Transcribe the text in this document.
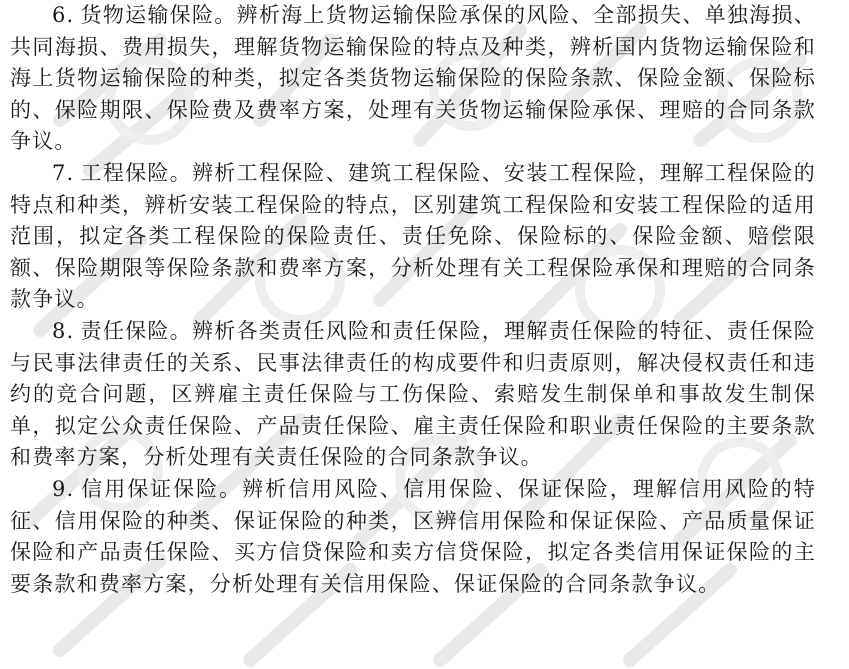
6. 货物运输保险。辨析海上货物运输保险承保的风险、全部损失、单独海损、共同海损、费用损失，理解货物运输保险的特点及种类，辨析国内货物运输保险和海上货物运输保险的种类，拟定各类货物运输保险的保险条款、保险金额、保险标的、保险期限、保险费及费率方案，处理有关货物运输保险承保、理赔的合同条款争议。

7. 工程保险。辨析工程保险、建筑工程保险、安装工程保险，理解工程保险的特点和种类，辨析安装工程保险的特点，区别建筑工程保险和安装工程保险的适用范围，拟定各类工程保险的保险责任、责任免除、保险标的、保险金额、赔偿限额、保险期限等保险条款和费率方案，分析处理有关工程保险承保和理赔的合同条款争议。

8. 责任保险。辨析各类责任风险和责任保险，理解责任保险的特征、责任保险与民事法律责任的关系、民事法律责任的构成要件和归责原则，解决侵权责任和违约的竞合问题，区辨雇主责任保险与工伤保险、索赔发生制保单和事故发生制保单，拟定公众责任保险、产品责任保险、雇主责任保险和职业责任保险的主要条款和费率方案，分析处理有关责任保险的合同条款争议。

9. 信用保证保险。辨析信用风险、信用保险、保证保险，理解信用风险的特征、信用保险的种类、保证保险的种类，区辨信用保险和保证保险、产品质量保证保险和产品责任保险、买方信贷保险和卖方信贷保险，拟定各类信用保证保险的主要条款和费率方案，分析处理有关信用保险、保证保险的合同条款争议。
